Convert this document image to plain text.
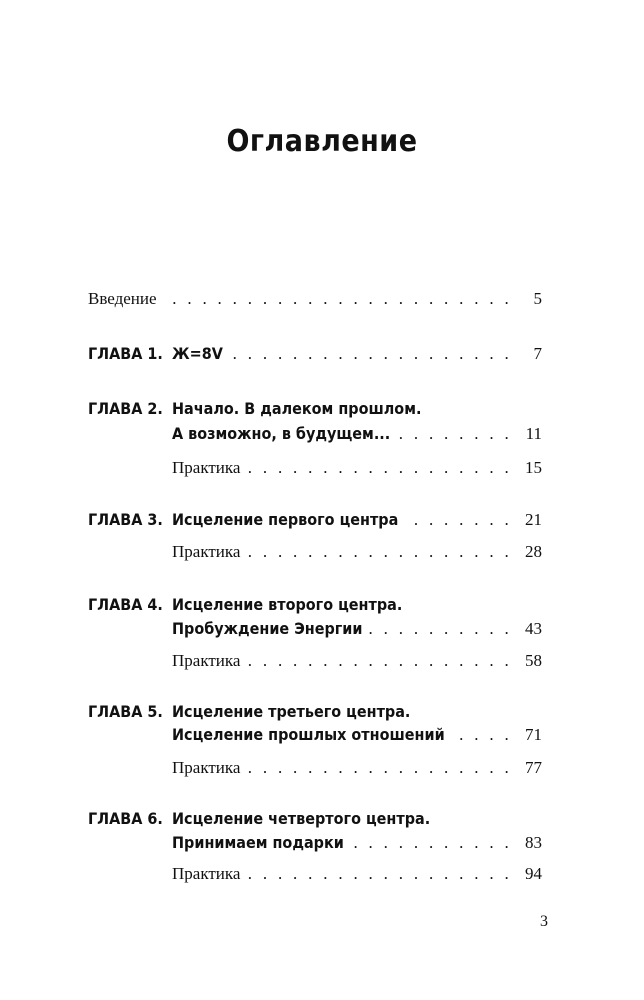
Оглавление
Введение . . .	5
ГЛАВА 1. Ж=8V . . .	7
ГЛАВА 2. Начало. В далеком прошлом.
А возможно, в будущем... . . .	11
Практика . . .	15
ГЛАВА 3. Исцеление первого центра . . .	21
Практика . . .	28
ГЛАВА 4. Исцеление второго центра.
Пробуждение Энергии . . .	43
Практика . . .	58
ГЛАВА 5. Исцеление третьего центра.
Исцеление прошлых отношений . . .	71
Практика . . .	77
ГЛАВА 6. Исцеление четвертого центра.
Принимаем подарки . . .	83
Практика . . .	94
3
